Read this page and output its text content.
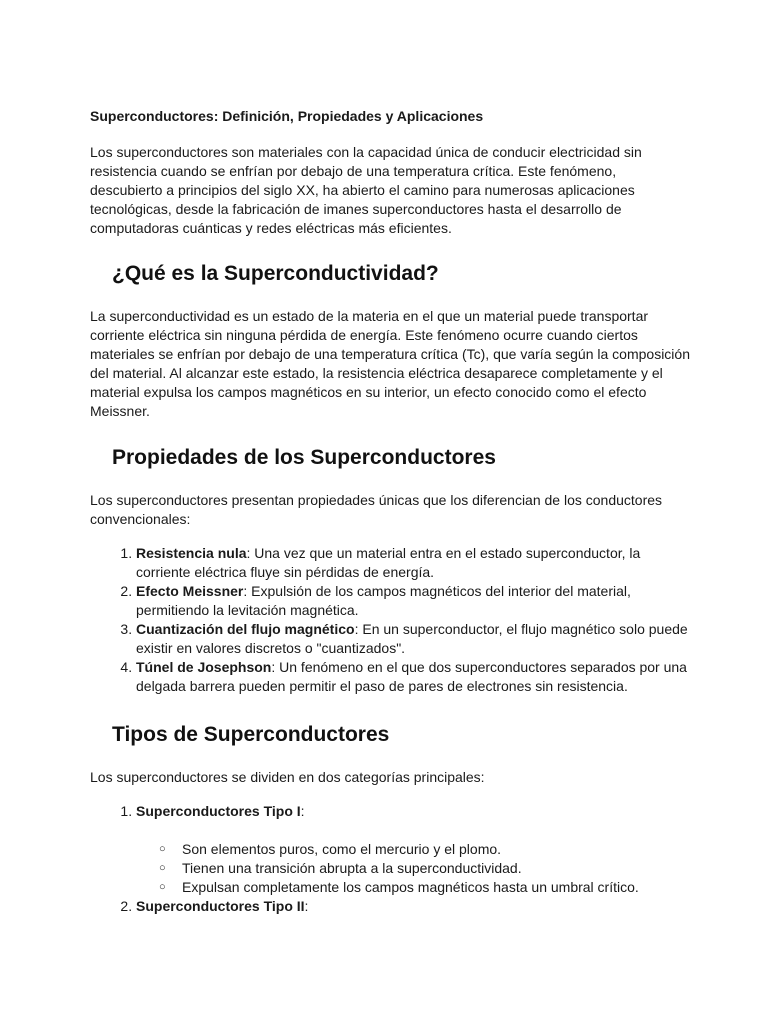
Superconductores: Definición, Propiedades y Aplicaciones

Los superconductores son materiales con la capacidad única de conducir electricidad sin resistencia cuando se enfrían por debajo de una temperatura crítica. Este fenómeno, descubierto a principios del siglo XX, ha abierto el camino para numerosas aplicaciones tecnológicas, desde la fabricación de imanes superconductores hasta el desarrollo de computadoras cuánticas y redes eléctricas más eficientes.

¿Qué es la Superconductividad?

La superconductividad es un estado de la materia en el que un material puede transportar corriente eléctrica sin ninguna pérdida de energía. Este fenómeno ocurre cuando ciertos materiales se enfrían por debajo de una temperatura crítica (Tc), que varía según la composición del material. Al alcanzar este estado, la resistencia eléctrica desaparece completamente y el material expulsa los campos magnéticos en su interior, un efecto conocido como el efecto Meissner.

Propiedades de los Superconductores

Los superconductores presentan propiedades únicas que los diferencian de los conductores convencionales:

1. Resistencia nula: Una vez que un material entra en el estado superconductor, la corriente eléctrica fluye sin pérdidas de energía.
2. Efecto Meissner: Expulsión de los campos magnéticos del interior del material, permitiendo la levitación magnética.
3. Cuantización del flujo magnético: En un superconductor, el flujo magnético solo puede existir en valores discretos o "cuantizados".
4. Túnel de Josephson: Un fenómeno en el que dos superconductores separados por una delgada barrera pueden permitir el paso de pares de electrones sin resistencia.
Tipos de Superconductores

Los superconductores se dividen en dos categorías principales:

1. Superconductores Tipo I:
○ Son elementos puros, como el mercurio y el plomo.
○ Tienen una transición abrupta a la superconductividad.
○ Expulsan completamente los campos magnéticos hasta un umbral crítico.
2. Superconductores Tipo II:
